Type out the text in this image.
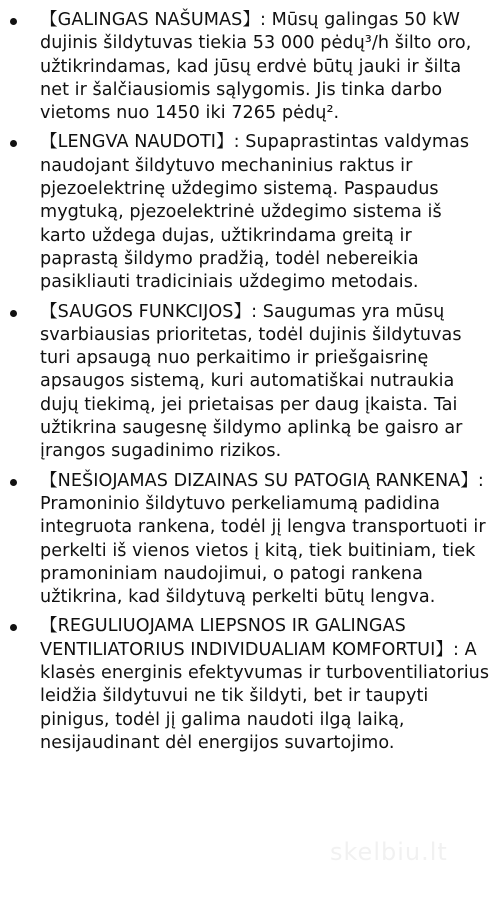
【GALINGAS NAŠUMAS】: Mūsų galingas 50 kW dujinis šildytuvas tiekia 53 000 pėdų³/h šilto oro, užtikrindamas, kad jūsų erdvė būtų jauki ir šilta net ir šalčiausiomis sąlygomis. Jis tinka darbo vietoms nuo 1450 iki 7265 pėdų².
【LENGVA NAUDOTI】: Supaprastintas valdymas naudojant šildytuvo mechaninius raktus ir pjezoelektrinę uždegimo sistemą. Paspaudus mygtuką, pjezoelektrinė uždegimo sistema iš karto uždega dujas, užtikrindama greitą ir paprastą šildymo pradžią, todėl nebereikia pasikliauti tradiciniais uždegimo metodais.
【SAUGOS FUNKCIJOS】: Saugumas yra mūsų svarbiausias prioritetas, todėl dujinis šildytuvas turi apsaugą nuo perkaitimo ir priešgaisrinę apsaugos sistemą, kuri automatiškai nutraukia dujų tiekimą, jei prietaisas per daug įkaista. Tai užtikrina saugesnę šildymo aplinką be gaisro ar įrangos sugadinimo rizikos.
【NEŠIOJAMAS DIZAINAS SU PATOGIĄ RANKENA】: Pramoninio šildytuvo perkeliamumą padidina integruota rankena, todėl jį lengva transportuoti ir perkelti iš vienos vietos į kitą, tiek buitiniam, tiek pramoniniam naudojimui, o patogi rankena užtikrina, kad šildytuvą perkelti būtų lengva.
【REGULIUOJAMA LIEPSNOS IR GALINGAS VENTILIATORIUS INDIVIDUALIAM KOMFORTUI】: A klasės energinis efektyvumas ir turboventiliatorius leidžia šildytuvui ne tik šildyti, bet ir taupyti pinigus, todėl jį galima naudoti ilgą laiką, nesijaudinant dėl energijos suvartojimo.
skelbiu.lt
